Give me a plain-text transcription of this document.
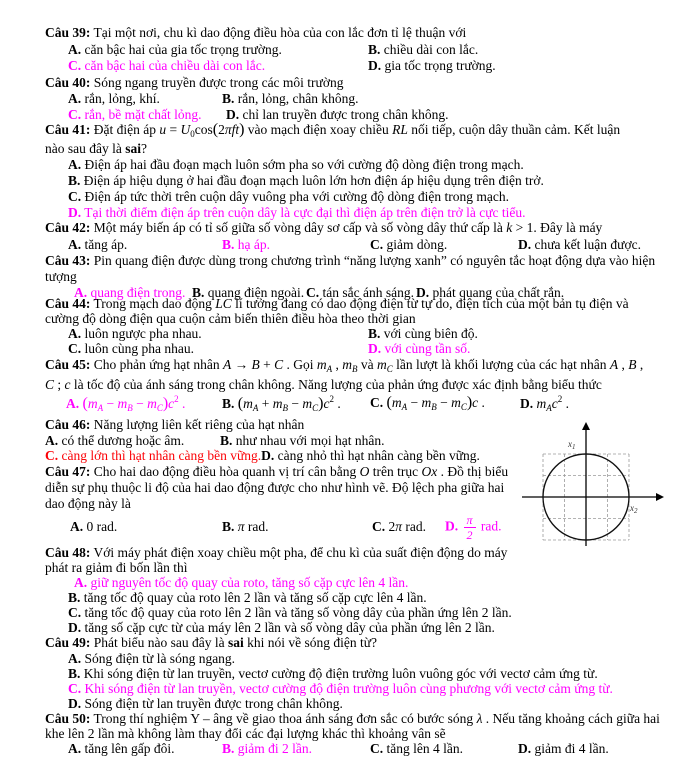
Câu 39: Tại một nơi, chu kì dao động điều hòa của con lắc đơn tỉ lệ thuận với
A. căn bậc hai của gia tốc trọng trường.	B. chiều dài con lắc.
C. căn bậc hai của chiều dài con lắc.	D. gia tốc trọng trường.
Câu 40: Sóng ngang truyền được trong các môi trường
A. rắn, lỏng, khí.	B. rắn, lỏng, chân không.
C. rắn, bề mặt chất lỏng. D. chỉ lan truyền được trong chân không.
Câu 41: Đặt điện áp $u = U_0\cos(2\pi ft)$ vào mạch điện xoay chiều RL nối tiếp, cuộn dây thuần cảm. Kết luận
nào sau đây là sai?
A. Điện áp hai đầu đoạn mạch luôn sớm pha so với cường độ dòng điện trong mạch.
B. Điện áp hiệu dụng ở hai đầu đoạn mạch luôn lớn hơn điện áp hiệu dụng trên điện trở.
C. Điện áp tức thời trên cuộn dây vuông pha với cường độ dòng điện trong mạch.
D. Tại thời điểm điện áp trên cuộn dây là cực đại thì điện áp trên điện trở là cực tiểu.
Câu 42: Một máy biến áp có tỉ số giữa số vòng dây sơ cấp và số vòng dây thứ cấp là k > 1. Đây là máy
A. tăng áp.	B. hạ áp.	C. giảm dòng.	D. chưa kết luận được.
Câu 43: Pin quang điện được dùng trong chương trình “năng lượng xanh” có nguyên tắc hoạt động dựa vào hiện
tượng
A. quang điện trong. B. quang điện ngoài. C. tán sắc ánh sáng. D. phát quang của chất rắn.
Câu 44: Trong mạch dao động LC lí tưởng đang có dao động điện từ tự do, điện tích của một bản tụ điện và
cường độ dòng điện qua cuộn cảm biến thiên điều hòa theo thời gian
A. luôn ngược pha nhau.	B. với cùng biên độ.
C. luôn cùng pha nhau.	D. với cùng tần số.
Câu 45: Cho phản ứng hạt nhân A → B + C . Gọi $m_A$ , $m_B$ và $m_C$ lần lượt là khối lượng của các hạt nhân A , B ,
C ; c là tốc độ của ánh sáng trong chân không. Năng lượng của phản ứng được xác định bằng biểu thức
A. $(m_A - m_B - m_C)c^2$ .	B. $(m_A + m_B - m_C)c^2$ . C. $(m_A - m_B - m_C)c$ .	D. $m_Ac^2$ .
Câu 46: Năng lượng liên kết riêng của hạt nhân
A. có thể dương hoặc âm.	B. như nhau với mọi hạt nhân.
C. càng lớn thì hạt nhân càng bền vững.D. càng nhỏ thì hạt nhân càng bền vững.
Câu 47: Cho hai dao động điều hòa quanh vị trí cân bằng O trên trục Ox . Đồ thị biểu
diễn sự phụ thuộc li độ của hai dao động được cho như hình vẽ. Độ lệch pha giữa hai
dao động này là
A. 0 rad.	B. π rad.	C. 2π rad. D. $\frac{\pi}{2}$ rad.
Câu 48: Với máy phát điện xoay chiều một pha, để chu kì của suất điện động do máy
phát ra giảm đi bốn lần thì
A. giữ nguyên tốc độ quay của roto, tăng số cặp cực lên 4 lần.
B. tăng tốc độ quay của roto lên 2 lần và tăng số cặp cực lên 4 lần.
C. tăng tốc độ quay của roto lên 2 lần và tăng số vòng dây của phần ứng lên 2 lần.
D. tăng số cặp cực từ của máy lên 2 lần và số vòng dây của phần ứng lên 2 lần.
Câu 49: Phát biểu nào sau đây là sai khi nói về sóng điện từ?
A. Sóng điện từ là sóng ngang.
B. Khi sóng điện từ lan truyền, vectơ cường độ điện trường luôn vuông góc với vectơ cảm ứng từ.
C. Khi sóng điện từ lan truyền, vectơ cường độ điện trường luôn cùng phương với vectơ cảm ứng từ.
D. Sóng điện từ lan truyền được trong chân không.
Câu 50: Trong thí nghiệm Y – âng về giao thoa ánh sáng đơn sắc có bước sóng λ . Nếu tăng khoảng cách giữa hai
khe lên 2 lần mà không làm thay đổi các đại lượng khác thì khoảng vân sẽ
A. tăng lên gấp đôi.	B. giảm đi 2 lần.	C. tăng lên 4 lần.	D. giảm đi 4 lần.
$x_1$
$x_2$
